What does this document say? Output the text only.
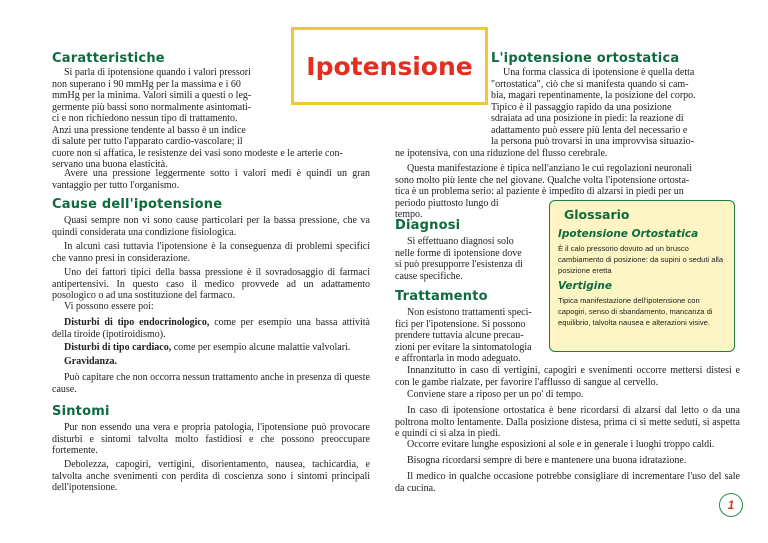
Ipotensione
Caratteristiche
Si parla di ipotensione quando i valori pressori
non superano i 90 mmHg per la massima e i 60
mmHg per la minima. Valori simili a questi o leg-
germente più bassi sono normalmente asintomati-
ci e non richiedono nessun tipo di trattamento.
Anzi una pressione tendente al basso è un indice
di salute per tutto l'apparato cardio-vascolare; il
cuore non si affatica, le resistenze dei vasi sono modeste e le arterie con-
servano una buona elasticità.

Avere una pressione leggermente sotto i valori medi è quindi un gran vantaggio per tutto l'organismo.

Cause dell'ipotensione

Quasi sempre non vi sono cause particolari per la bassa pressione, che va quindi considerata una condizione fisiologica.

In alcuni casi tuttavia l'ipotensione è la conseguenza di problemi specifici che vanno presi in considerazione.

Uno dei fattori tipici della bassa pressione è il sovradosaggio di farmaci antipertensivi. In questo caso il medico provvede ad un adattamento posologico o ad una sostituzione del farmaco.

Vi possono essere poi:

Disturbi di tipo endocrinologico, come per esempio una bassa attività della tiroide (ipotiroidismo).

Disturbi di tipo cardiaco, come per esempio alcune malattie valvolari.

Gravidanza.

Può capitare che non occorra nessun trattamento anche in presenza di queste cause.

Sintomi

Pur non essendo una vera e propria patologia, l'ipotensione può provocare disturbi e sintomi talvolta molto fastidiosi e che possono preoccupare fortemente.

Debolezza, capogiri, vertigini, disorientamento, nausea, tachicardia, e talvolta anche svenimenti con perdita di coscienza sono i sintomi principali dell'ipotensione.

L'ipotensione ortostatica
Una forma classica di ipotensione è quella detta
"ortostatica", ciò che si manifesta quando si cam-
bia, magari repentinamente, la posizione del corpo.
Tipico è il passaggio rapido da una posizione
sdraiata ad una posizione in piedi: la reazione di
adattamento può essere più lenta del necessario e
la persona può trovarsi in una improvvisa situazio-
ne ipotensiva, con una riduzione del flusso cerebrale.
Questa manifestazione è tipica nell'anziano le cui regolazioni neuronali
sono molto più lente che nel giovane. Qualche volta l'ipotensione ortosta-
tica è un problema serio: al paziente è impedito di alzarsi in piedi per un
periodo piuttosto lungo di
tempo.
Diagnosi
Si effettuano diagnosi solo
nelle forme di ipotensione dove
si può presupporre l'esistenza di
cause specifiche.
Trattamento
Non esistono trattamenti speci-
fici per l'ipotensione. Si possono
prendere tuttavia alcune precau-
zioni per evitare la sintomatologia
e affrontarla in modo adeguato.

Innanzitutto in caso di vertigini, capogiri e svenimenti occorre mettersi distesi e con le gambe rialzate, per favorire l'afflusso di sangue al cervello.

Conviene stare a riposo per un po' di tempo.

In caso di ipotensione ortostatica è bene ricordarsi di alzarsi dal letto o da una poltrona molto lentamente. Dalla posizione distesa, prima ci si mette seduti, si aspetta e quindi ci si alza in piedi.

Occorre evitare lunghe esposizioni al sole e in generale i luoghi troppo caldi.

Bisogna ricordarsi sempre di bere e mantenere una buona idratazione.

Il medico in qualche occasione potrebbe consigliare di incrementare l'uso del sale da cucina.

Glossario
Ipotensione Ortostatica

È il calo pressorio dovuto ad un brusco cambiamento di posizione: da supini o seduti alla posizione eretta

Vertigine

Tipica manifestazione dell'ipotensione con capogiri, senso di sbandamento, mancanza di equilibrio, talvolta nausea e alterazioni visive.

1
